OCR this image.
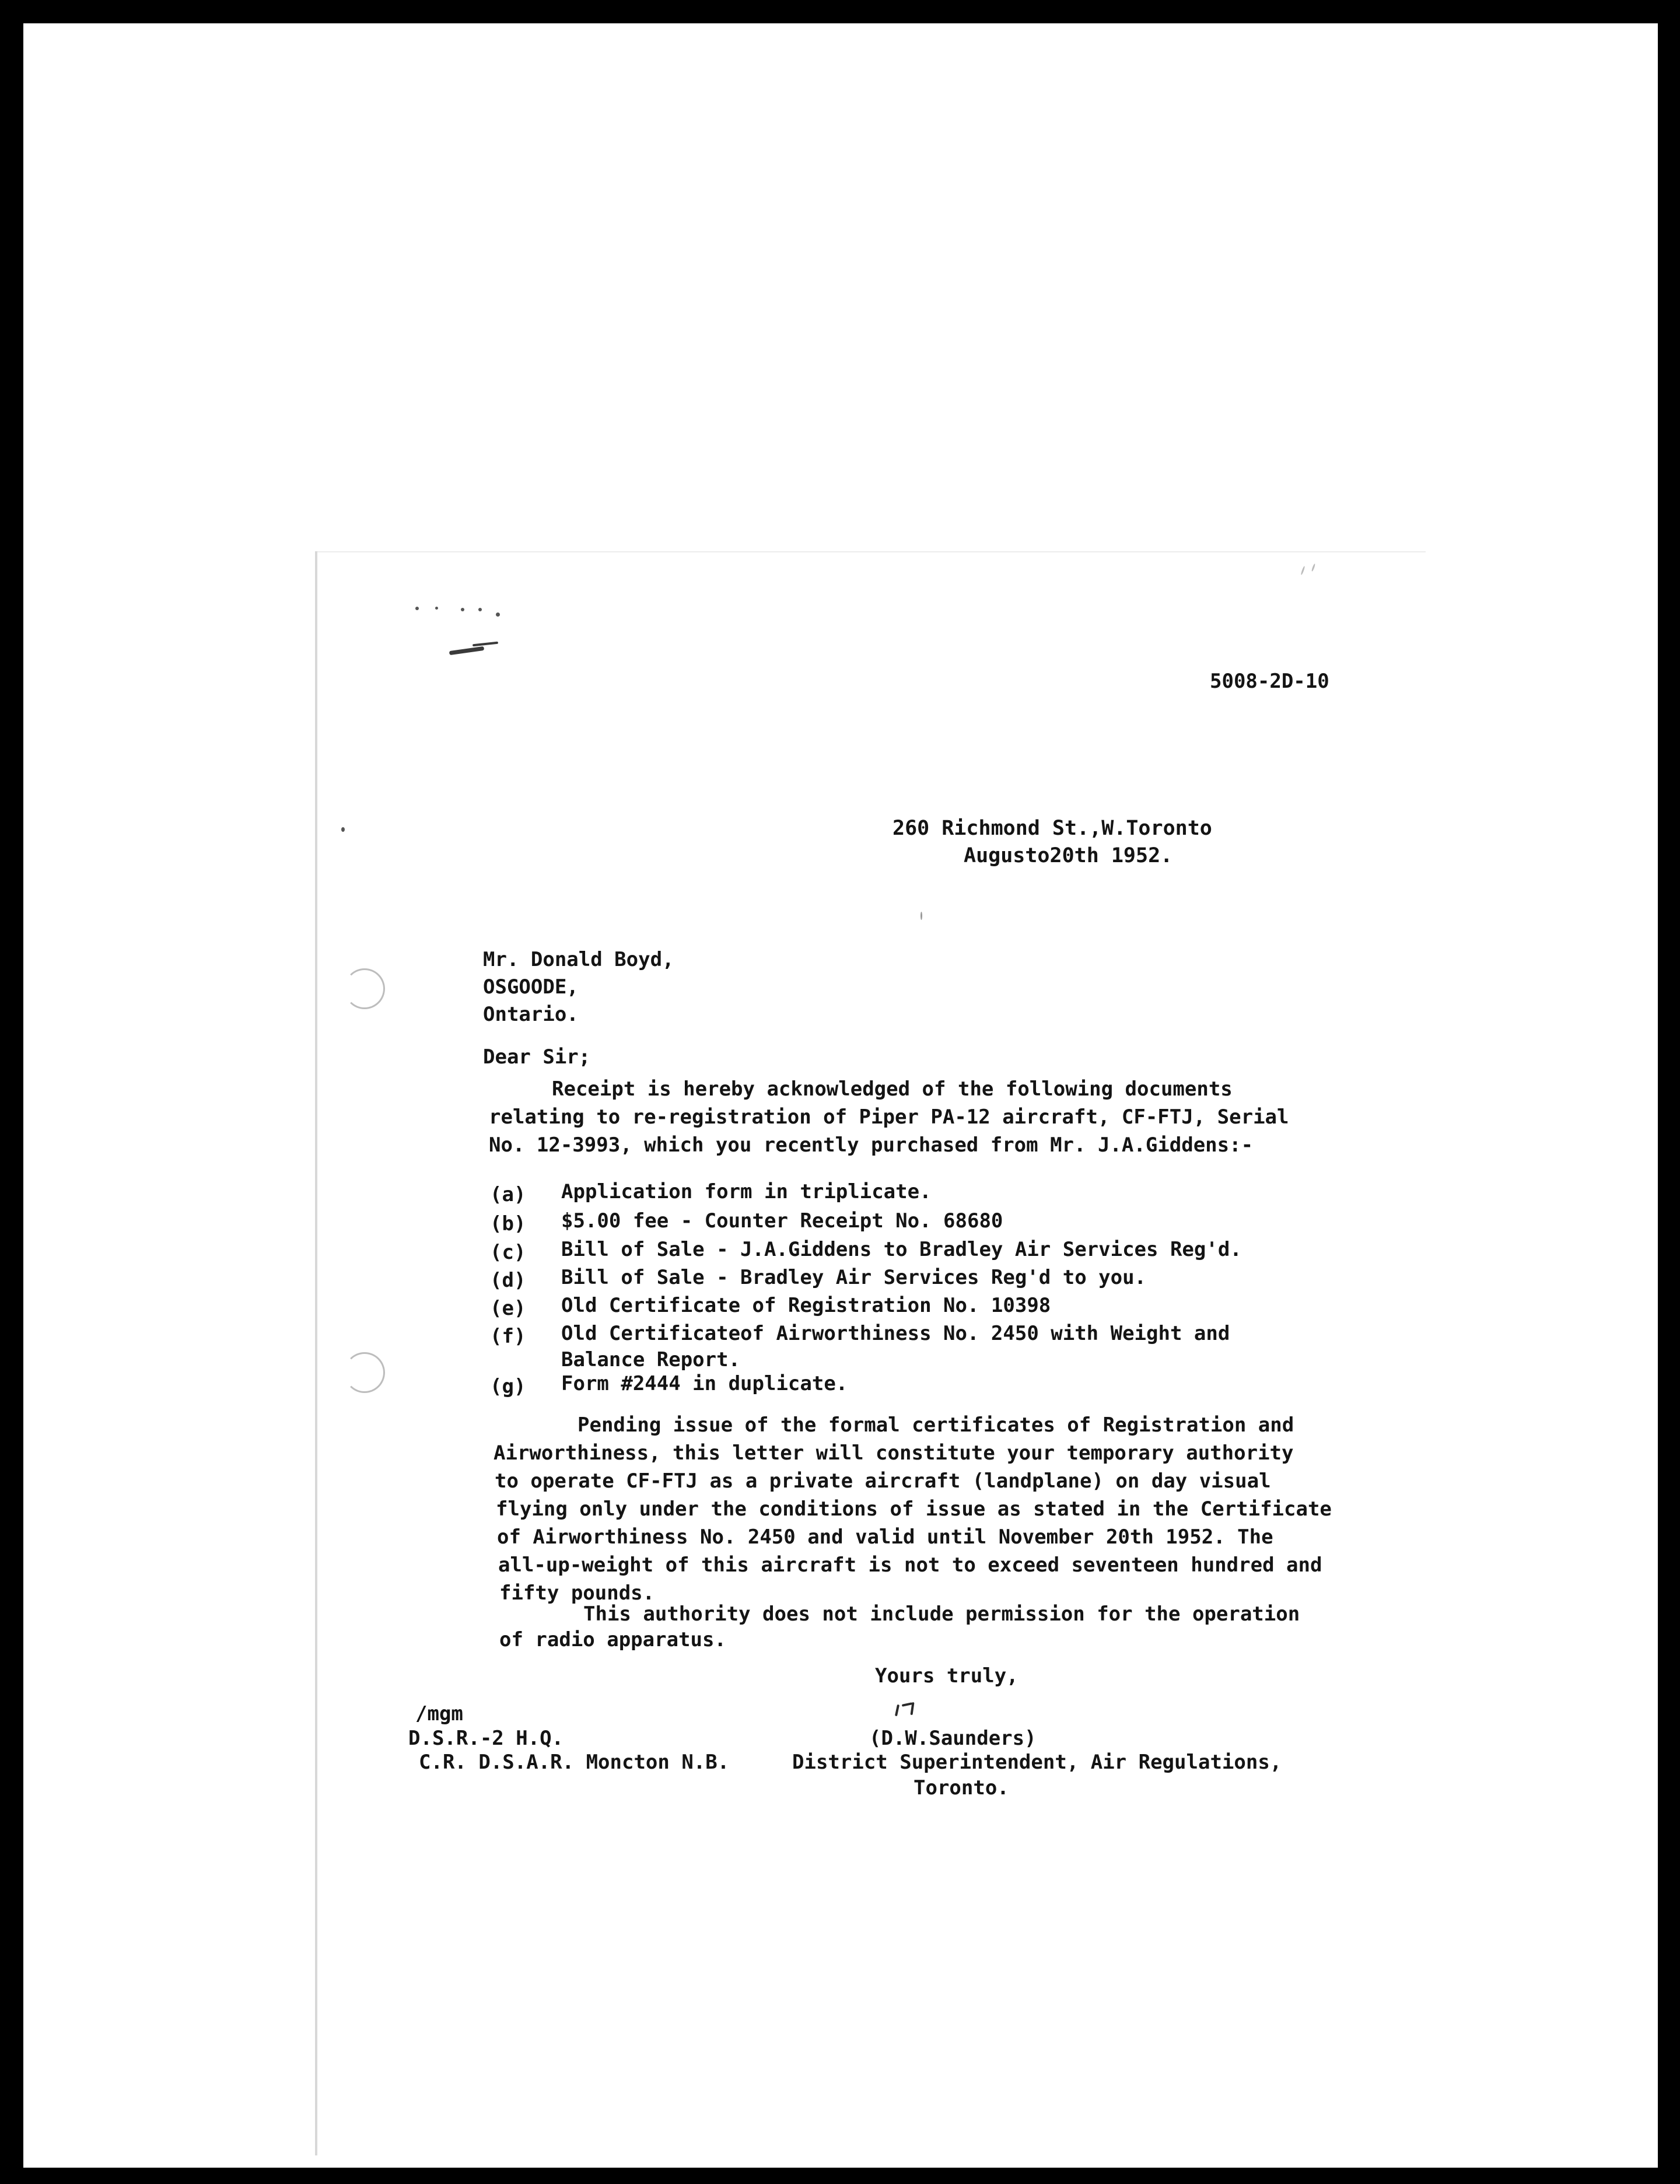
5008-2D-10

260 Richmond St.,W.Toronto

Augusto20th 1952.

Mr. Donald Boyd,

OSGOODE,

Ontario.

Dear Sir;

Receipt is hereby acknowledged of the following documents

relating to re-registration of Piper PA-12 aircraft, CF-FTJ, Serial

No. 12-3993, which you recently purchased from Mr. J.A.Giddens:-

(a) Application form in triplicate.

(b) $5.00 fee - Counter Receipt No. 68680

(c) Bill of Sale - J.A.Giddens to Bradley Air Services Reg'd.

(d) Bill of Sale - Bradley Air Services Reg'd to you.

(e) Old Certificate of Registration No. 10398

(f) Old Certificateof Airworthiness No. 2450 with Weight and

Balance Report.

(g) Form #2444 in duplicate.

Pending issue of the formal certificates of Registration and

Airworthiness, this letter will constitute your temporary authority

to operate CF-FTJ as a private aircraft (landplane) on day visual

flying only under the conditions of issue as stated in the Certificate

of Airworthiness No. 2450 and valid until November 20th 1952. The

all-up-weight of this aircraft is not to exceed seventeen hundred and

fifty pounds.

This authority does not include permission for the operation

of radio apparatus.

Yours truly,

/mgm

D.S.R.-2 H.Q.

C.R. D.S.A.R. Moncton N.B.

(D.W.Saunders)

District Superintendent, Air Regulations,

Toronto.
